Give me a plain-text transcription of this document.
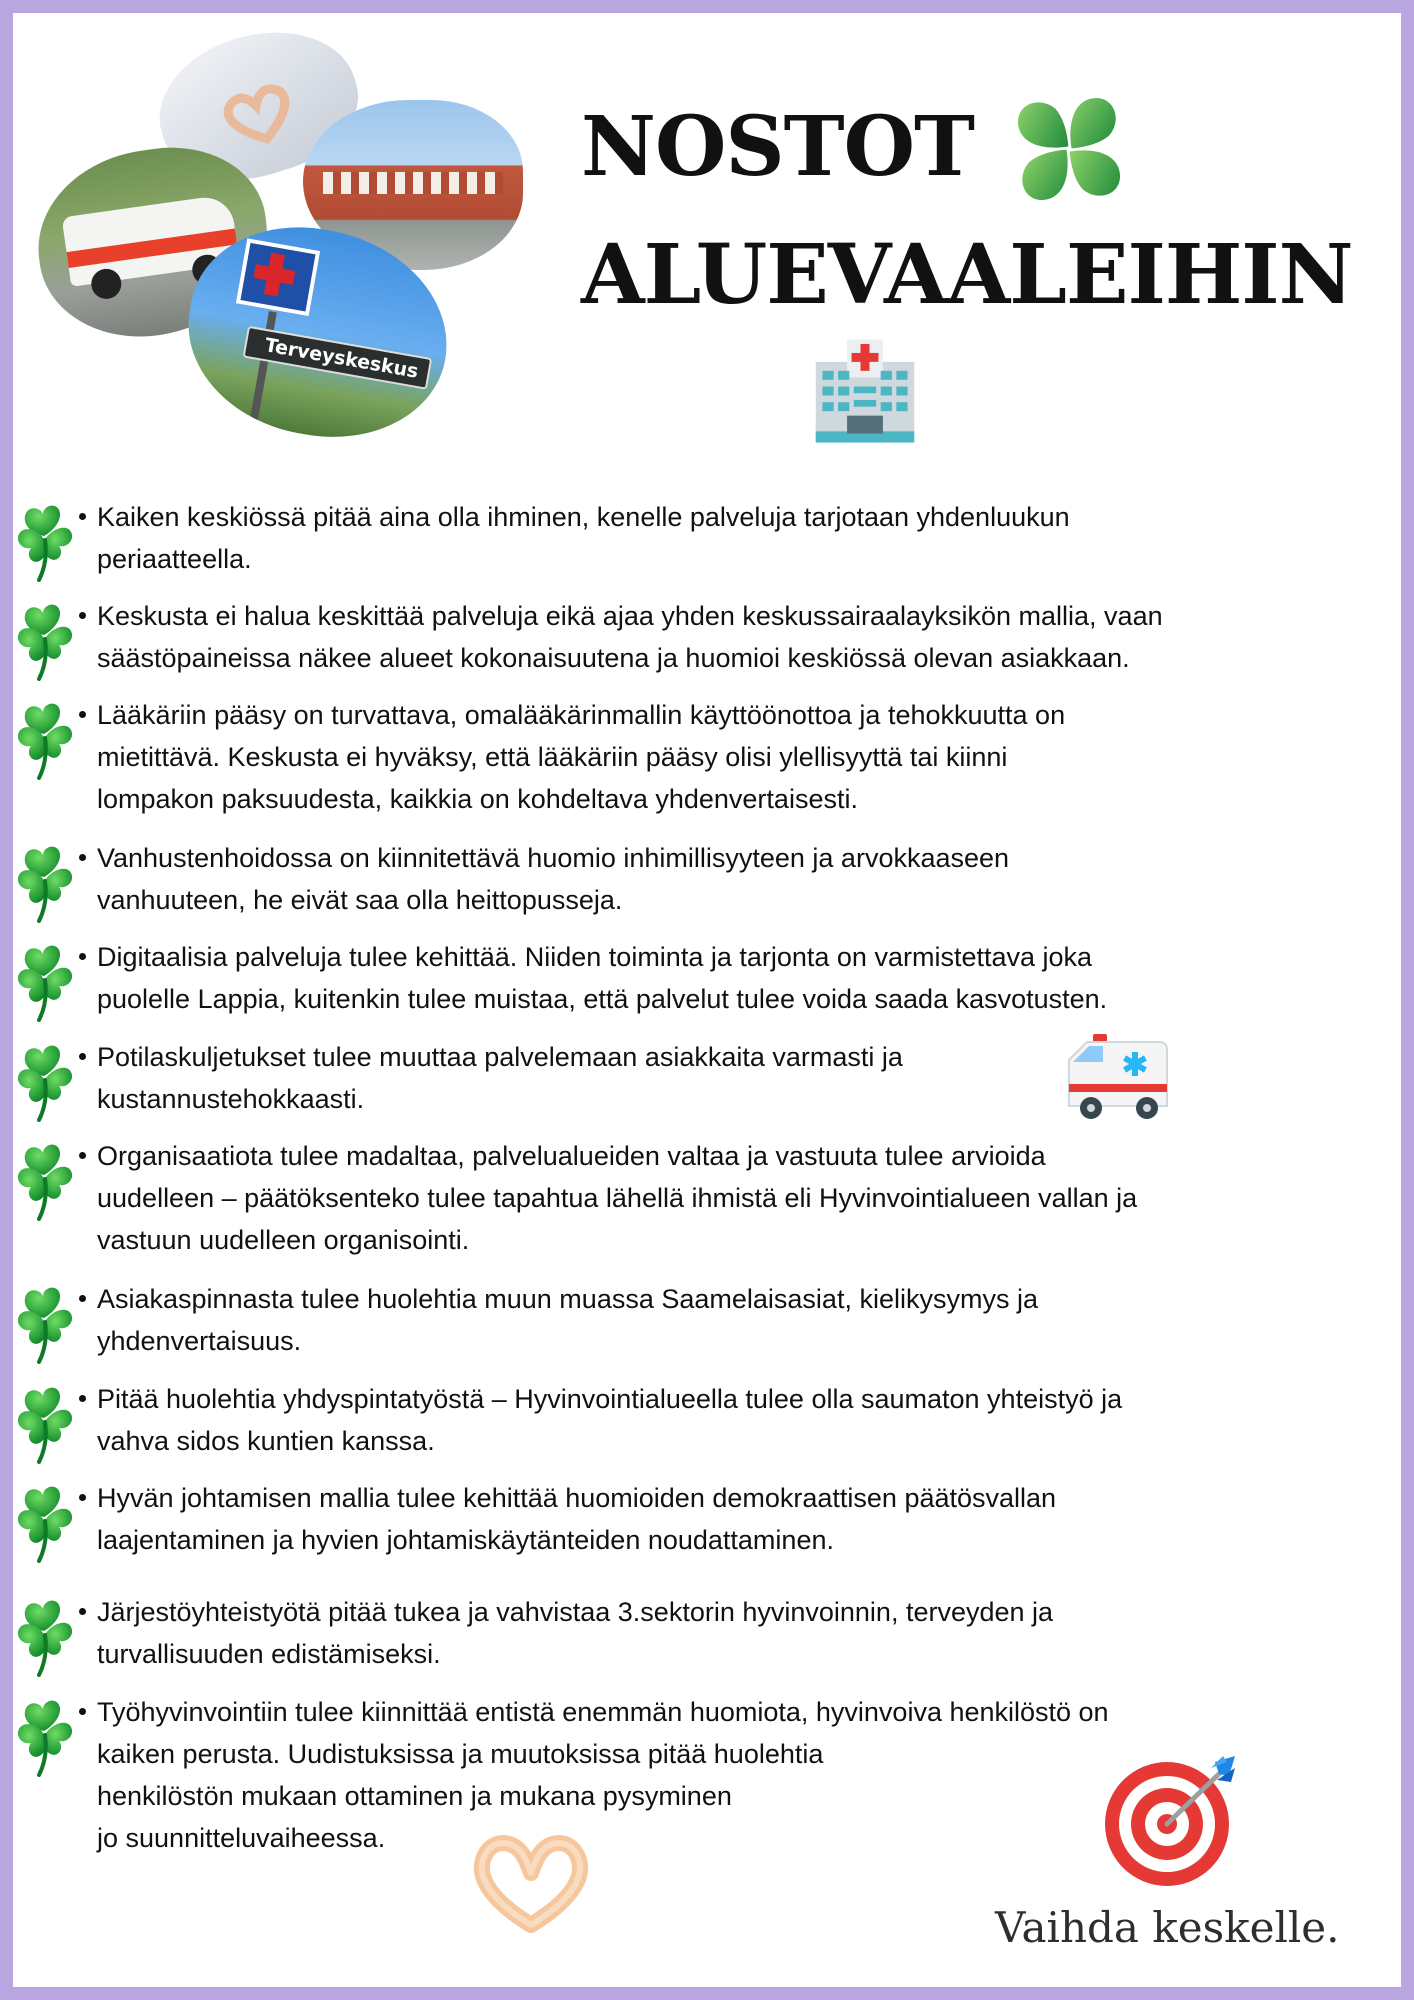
Terveyskeskus
NOSTOT
ALUEVAALEIHIN

Kaiken keskiössä pitää aina olla ihminen, kenelle palveluja tarjotaan yhdenluukun
periaatteella.

Keskusta ei halua keskittää palveluja eikä ajaa yhden keskussairaalayksikön mallia, vaan
säästöpaineissa näkee alueet kokonaisuutena ja huomioi keskiössä olevan asiakkaan.

Lääkäriin pääsy on turvattava, omalääkärinmallin käyttöönottoa ja tehokkuutta on
mietittävä. Keskusta ei hyväksy, että lääkäriin pääsy olisi ylellisyyttä tai kiinni
lompakon paksuudesta, kaikkia on kohdeltava yhdenvertaisesti.

Vanhustenhoidossa on kiinnitettävä huomio inhimillisyyteen ja arvokkaaseen
vanhuuteen, he eivät saa olla heittopusseja.

Digitaalisia palveluja tulee kehittää. Niiden toiminta ja tarjonta on varmistettava joka
puolelle Lappia, kuitenkin tulee muistaa, että palvelut tulee voida saada kasvotusten.

Potilaskuljetukset tulee muuttaa palvelemaan asiakkaita varmasti ja
kustannustehokkaasti.

Organisaatiota tulee madaltaa, palvelualueiden valtaa ja vastuuta tulee arvioida
uudelleen – päätöksenteko tulee tapahtua lähellä ihmistä eli Hyvinvointialueen vallan ja
vastuun uudelleen organisointi.

Asiakaspinnasta tulee huolehtia muun muassa Saamelaisasiat, kielikysymys ja
yhdenvertaisuus.

Pitää huolehtia yhdyspintatyöstä – Hyvinvointialueella tulee olla saumaton yhteistyö ja
vahva sidos kuntien kanssa.

Hyvän johtamisen mallia tulee kehittää huomioiden demokraattisen päätösvallan
laajentaminen ja hyvien johtamiskäytänteiden noudattaminen.

Järjestöyhteistyötä pitää tukea ja vahvistaa 3.sektorin hyvinvoinnin, terveyden ja
turvallisuuden edistämiseksi.

Työhyvinvointiin tulee kiinnittää entistä enemmän huomiota, hyvinvoiva henkilöstö on
kaiken perusta. Uudistuksissa ja muutoksissa pitää huolehtia
henkilöstön mukaan ottaminen ja mukana pysyminen
jo suunnitteluvaiheessa.

Vaihda keskelle.
